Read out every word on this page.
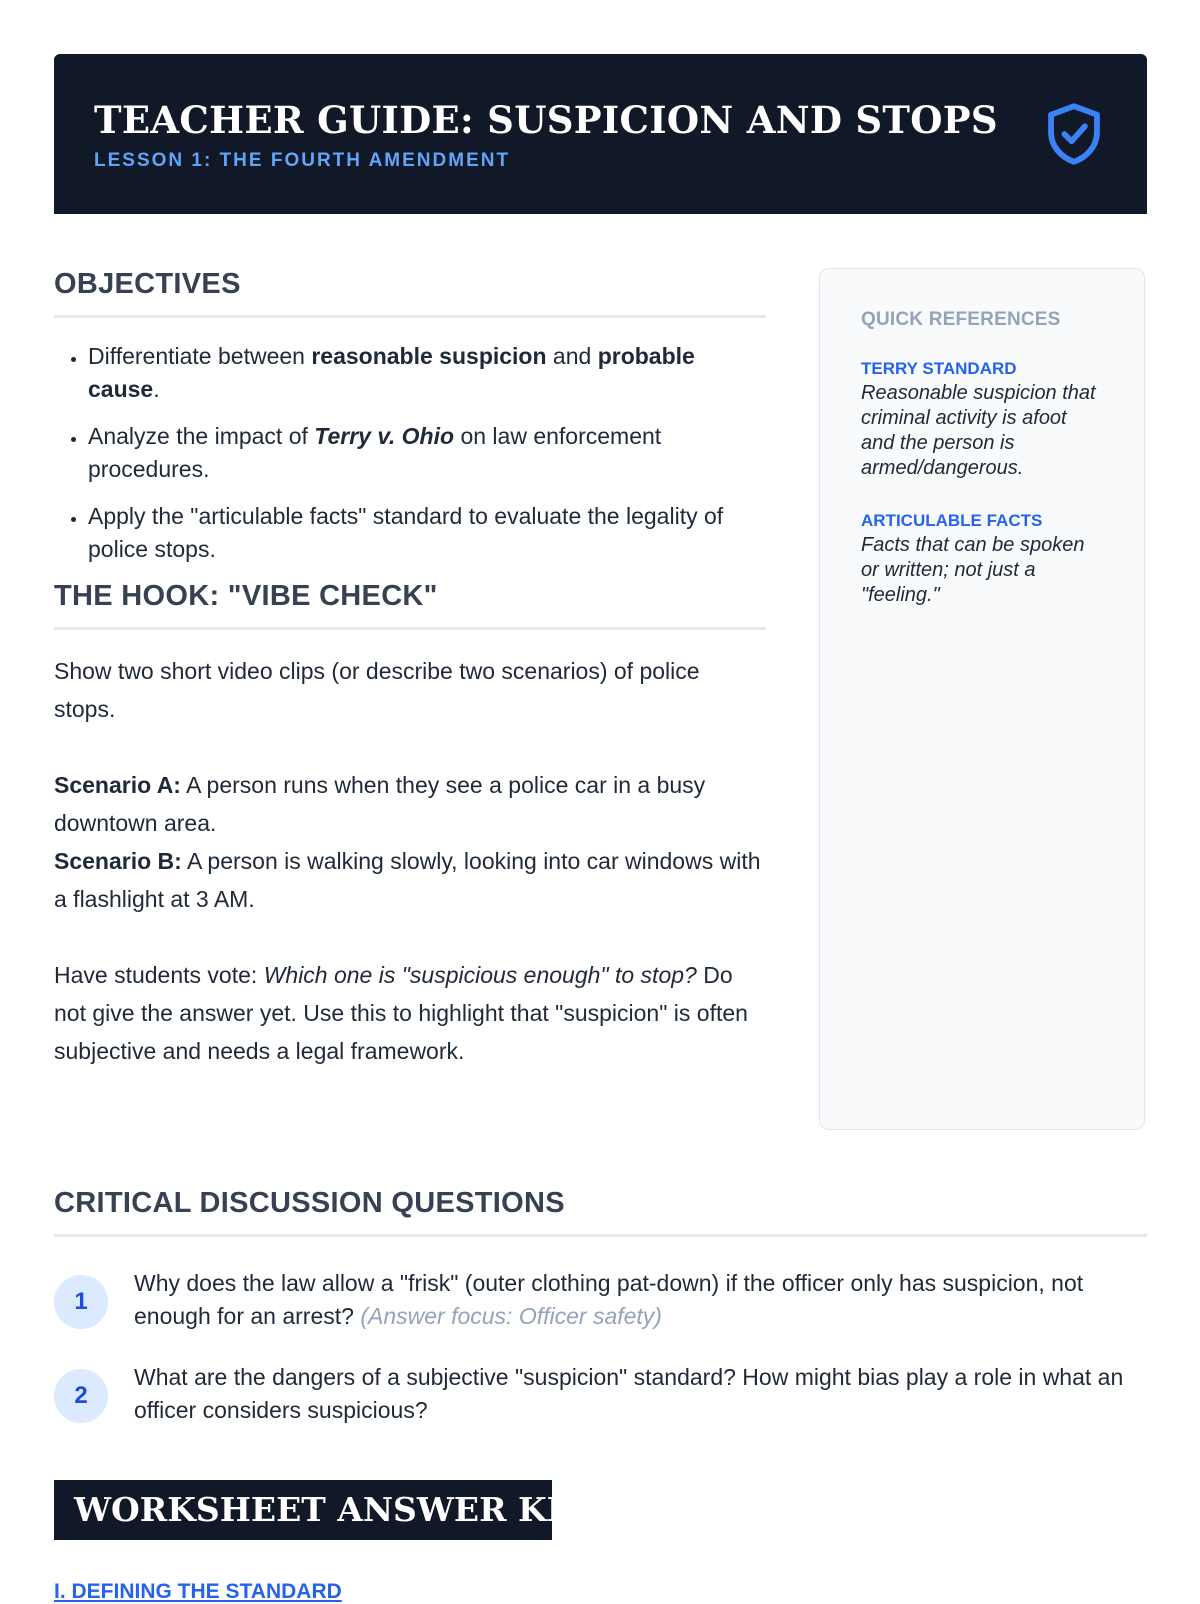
TEACHER GUIDE: SUSPICION AND STOPS
LESSON 1: THE FOURTH AMENDMENT
OBJECTIVES
• Differentiate between reasonable suspicion and probable cause.
• Analyze the impact of Terry v. Ohio on law enforcement procedures.
• Apply the "articulable facts" standard to evaluate the legality of police stops.
THE HOOK: "VIBE CHECK"

Show two short video clips (or describe two scenarios) of police stops.

Scenario A: A person runs when they see a police car in a busy downtown area.

Scenario B: A person is walking slowly, looking into car windows with a flashlight at 3 AM.

Have students vote: Which one is "suspicious enough" to stop? Do not give the answer yet. Use this to highlight that "suspicion" is often subjective and needs a legal framework.

QUICK REFERENCES
TERRY STANDARD
Reasonable suspicion that criminal activity is afoot and the person is armed/dangerous.
ARTICULABLE FACTS
Facts that can be spoken or written; not just a "feeling."
CRITICAL DISCUSSION QUESTIONS
1
Why does the law allow a "frisk" (outer clothing pat-down) if the officer only has suspicion, not enough for an arrest? (Answer focus: Officer safety)
2
What are the dangers of a subjective "suspicion" standard? How might bias play a role in what an officer considers suspicious?
WORKSHEET ANSWER KEY
I. DEFINING THE STANDARD
